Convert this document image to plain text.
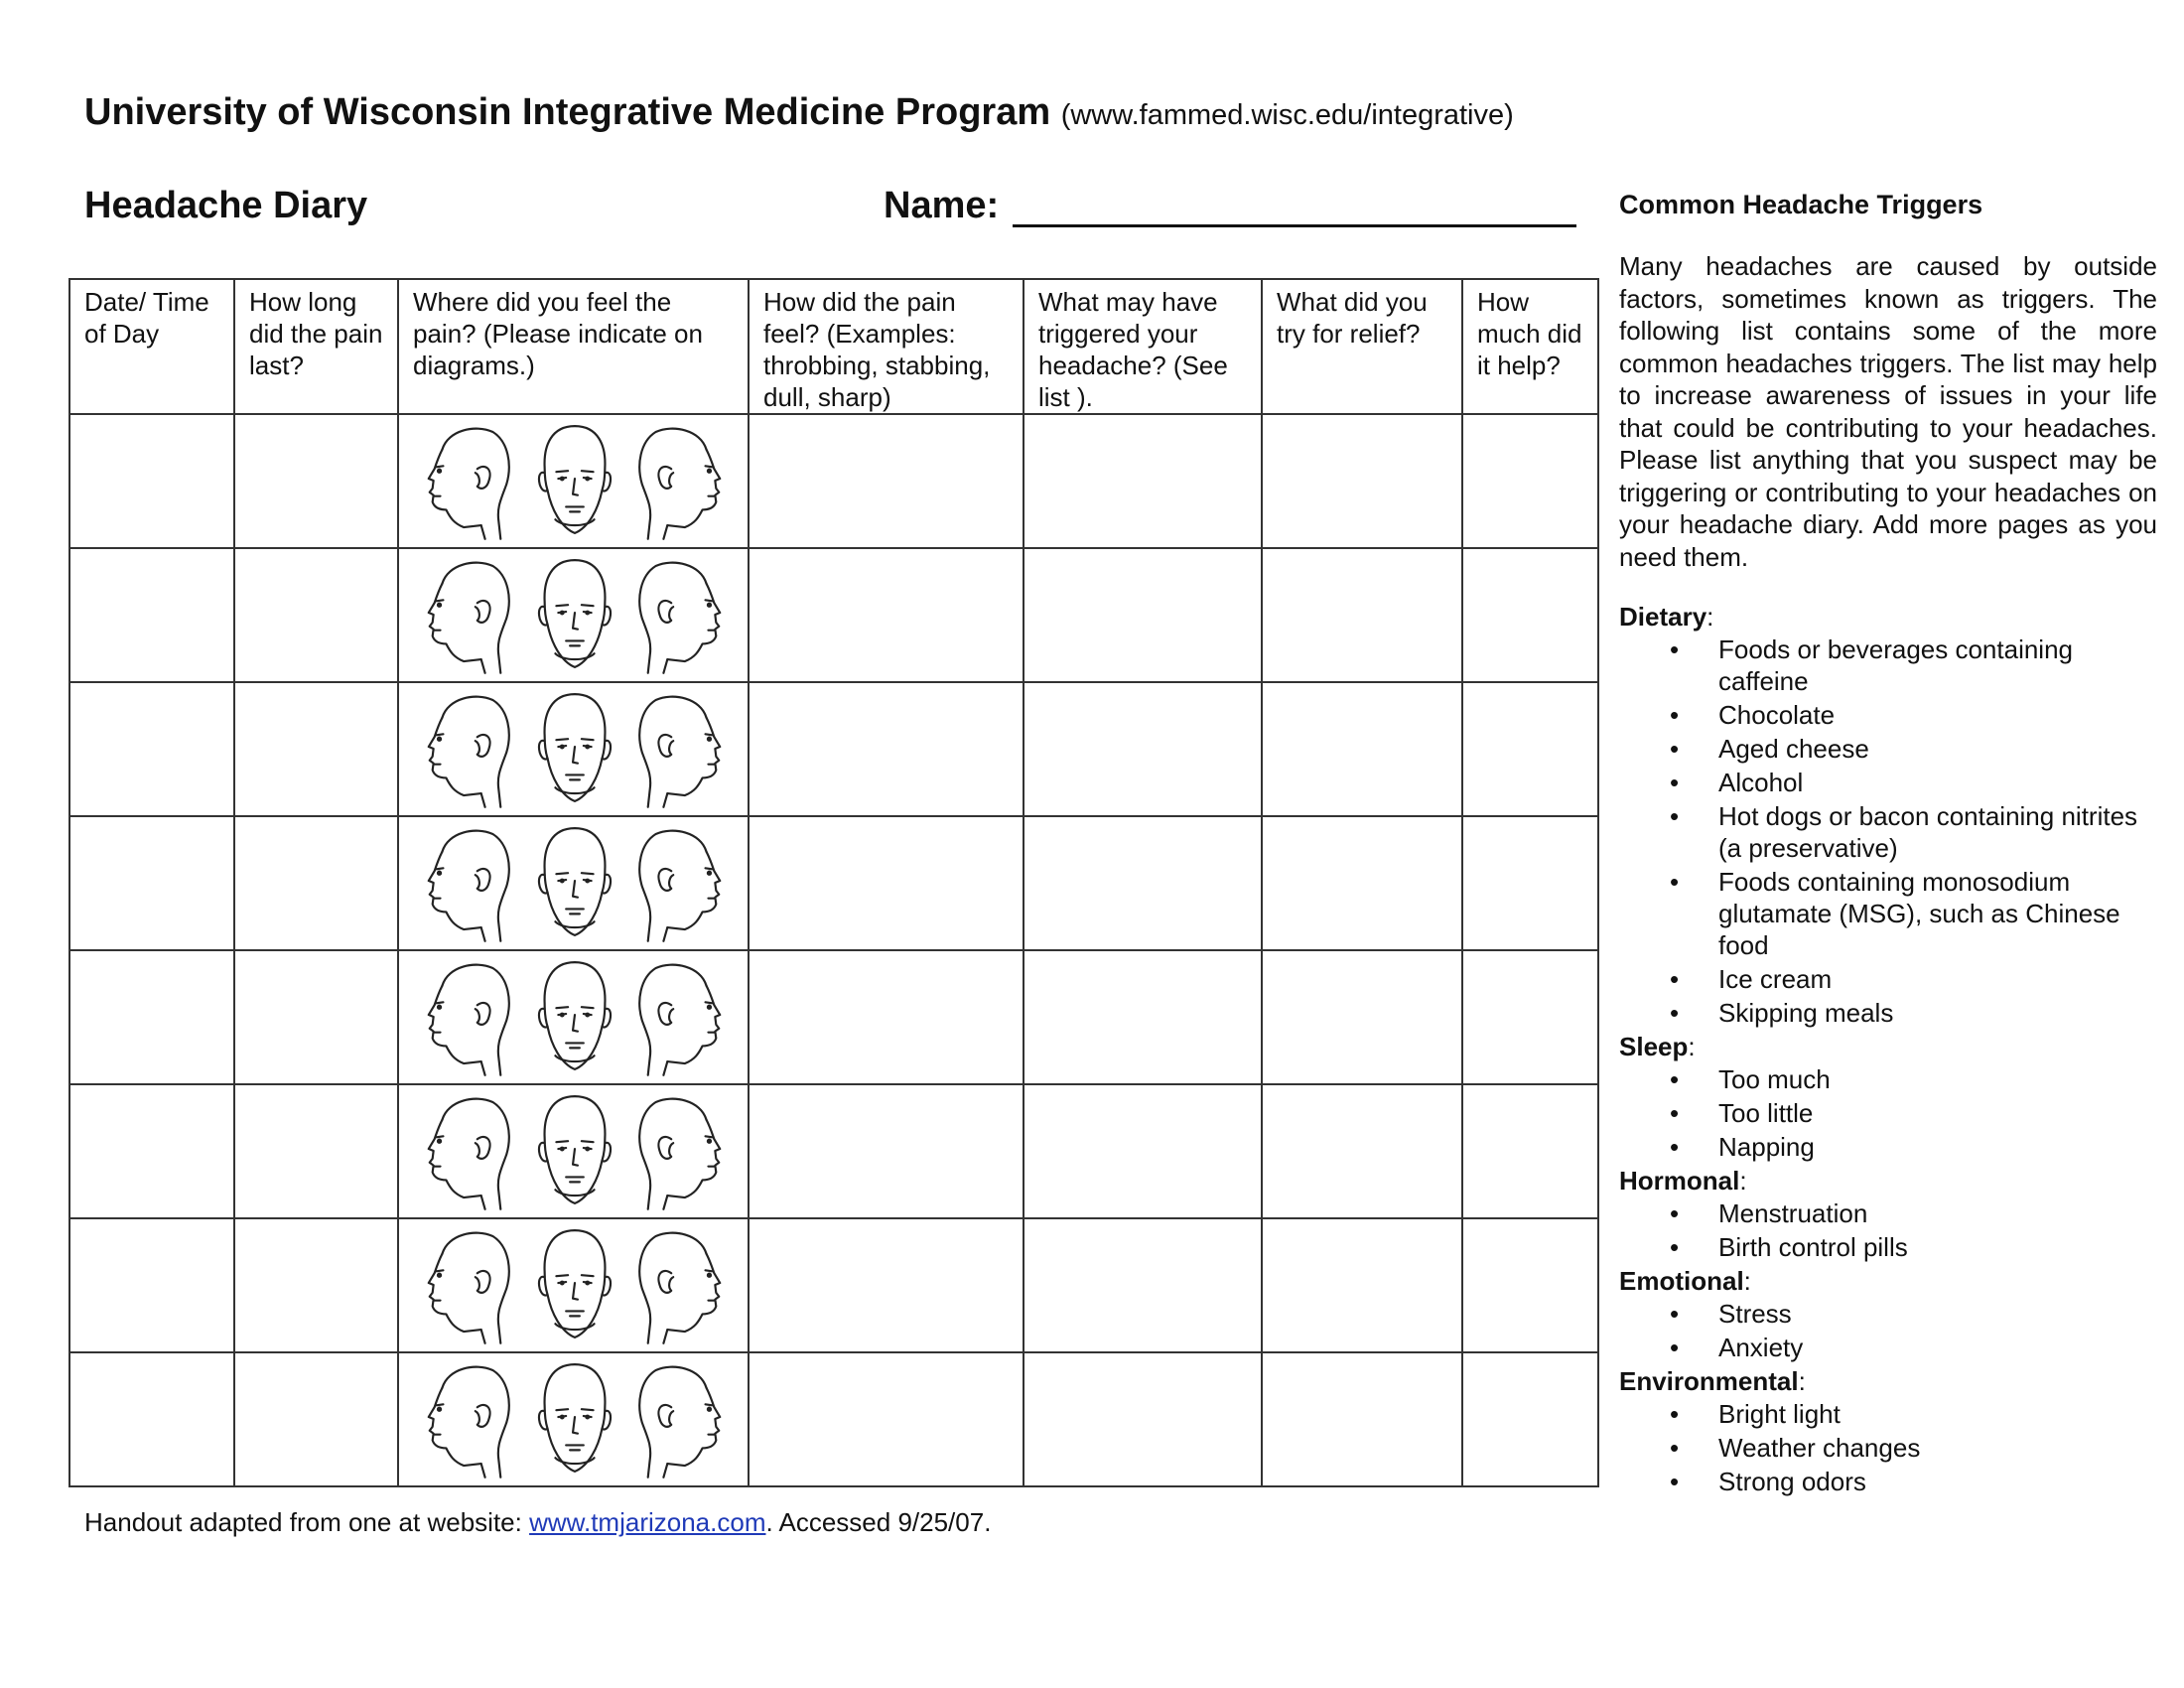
University of Wisconsin Integrative Medicine Program (www.fammed.wisc.edu/integrative)
Headache Diary	Name:
Date/ Time of Day	How long did the pain last?	Where did you feel the pain? (Please indicate on diagrams.)	How did the pain feel? (Examples: throbbing, stabbing, dull, sharp)	What may have triggered your headache? (See list ).	What did you try for relief?	How much did it help?

Handout adapted from one at website: www.tmjarizona.com. Accessed 9/25/07.
Common Headache Triggers

Many headaches are caused by outside factors, sometimes known as triggers. The following list contains some of the more common headaches triggers. The list may help to increase awareness of issues in your life that could be contributing to your headaches. Please list anything that you suspect may be triggering or contributing to your headaches on your headache diary. Add more pages as you need them.

Dietary:

• Foods or beverages containing caffeine
• Chocolate
• Aged cheese
• Alcohol
• Hot dogs or bacon containing nitrites (a preservative)
• Foods containing monosodium glutamate (MSG), such as Chinese food
• Ice cream
• Skipping meals

Sleep:

• Too much
• Too little
• Napping

Hormonal:

• Menstruation
• Birth control pills

Emotional:

• Stress
• Anxiety

Environmental:

• Bright light
• Weather changes
• Strong odors
